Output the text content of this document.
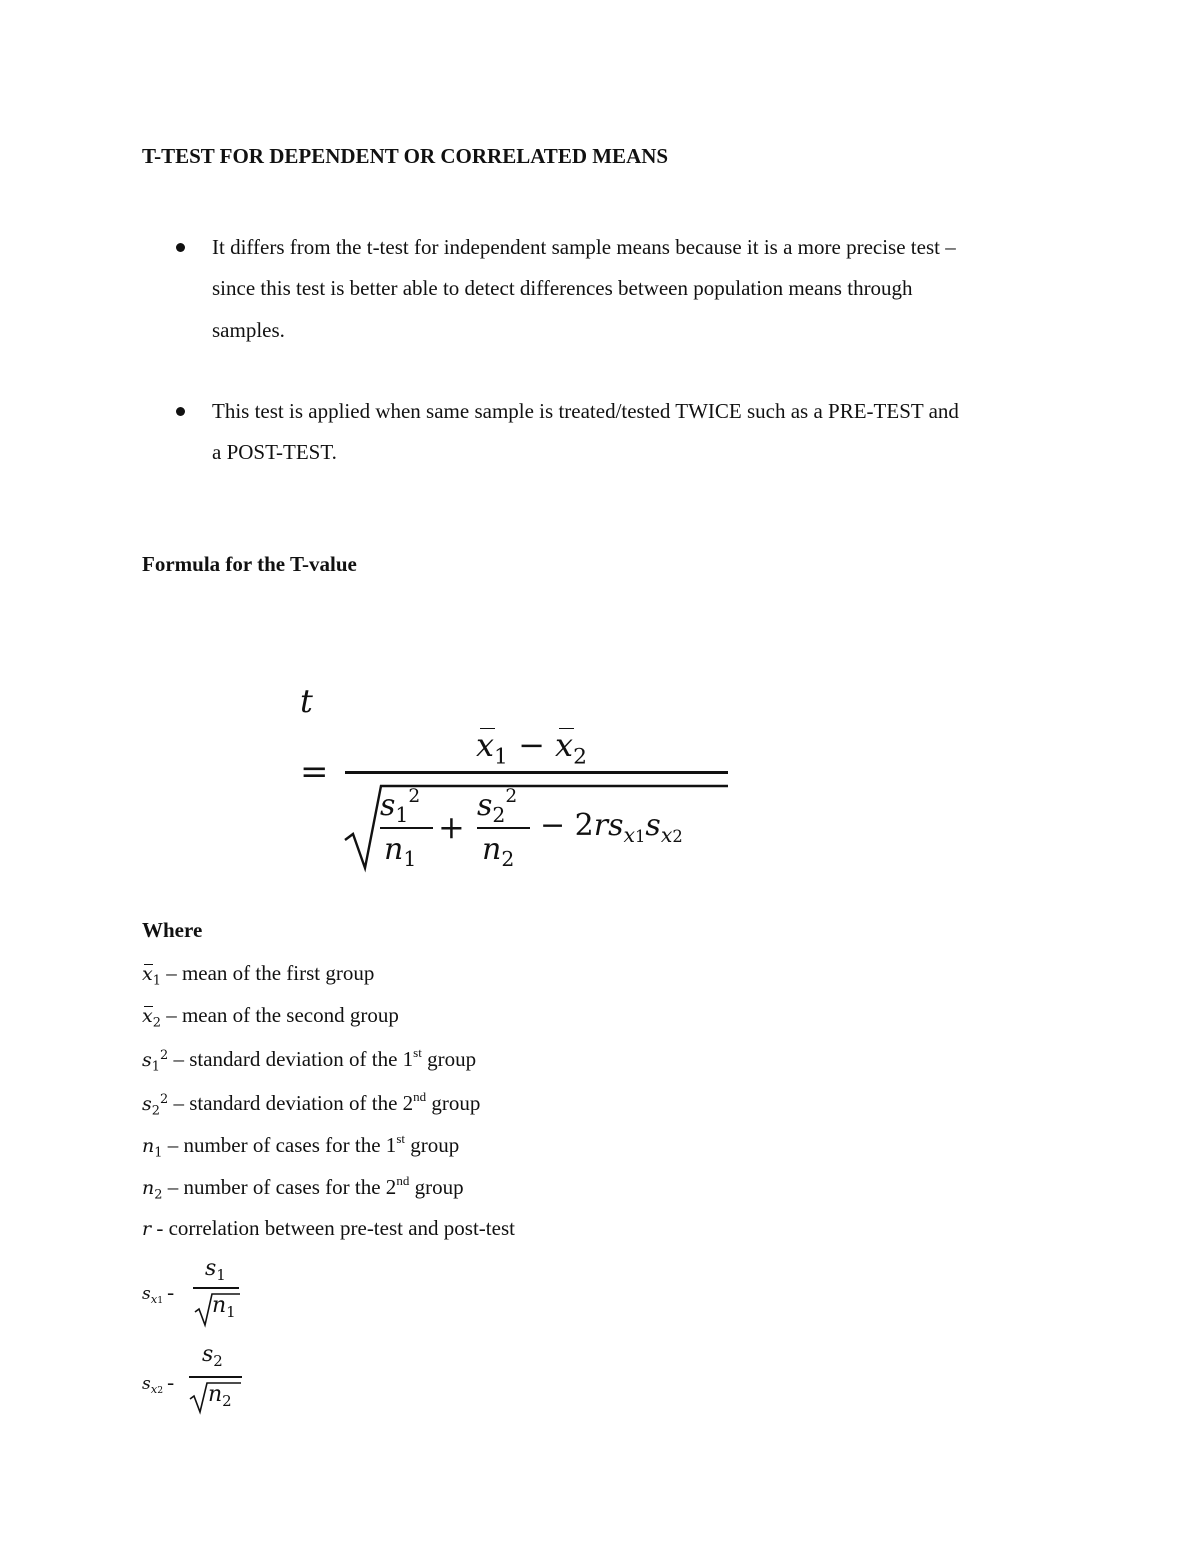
T-TEST FOR DEPENDENT OR CORRELATED MEANS
It differs from the t-test for independent sample means because it is a more precise test –
since this test is better able to detect differences between population means through
samples.
This test is applied when same sample is treated/tested TWICE such as a PRE-TEST and
a POST-TEST.
Formula for the T-value
t
=
$x_1 - x_2$
$s_1^2$
$n_1$
+
$s_2^2$
$n_2$
− $2rs_{x1}s_{x2}$
Where
$x_1$ – mean of the first group
$x_2$ – mean of the second group
$s_1^2$ – standard deviation of the 1st group
$s_2^2$ – standard deviation of the 2nd group
$n_1$ – number of cases for the 1st group
$n_2$ – number of cases for the 2nd group
r - correlation between pre-test and post-test
$s_{x1}$ -
$s_1$
$n_1$
$s_{x2}$ -
$s_2$
$n_2$
